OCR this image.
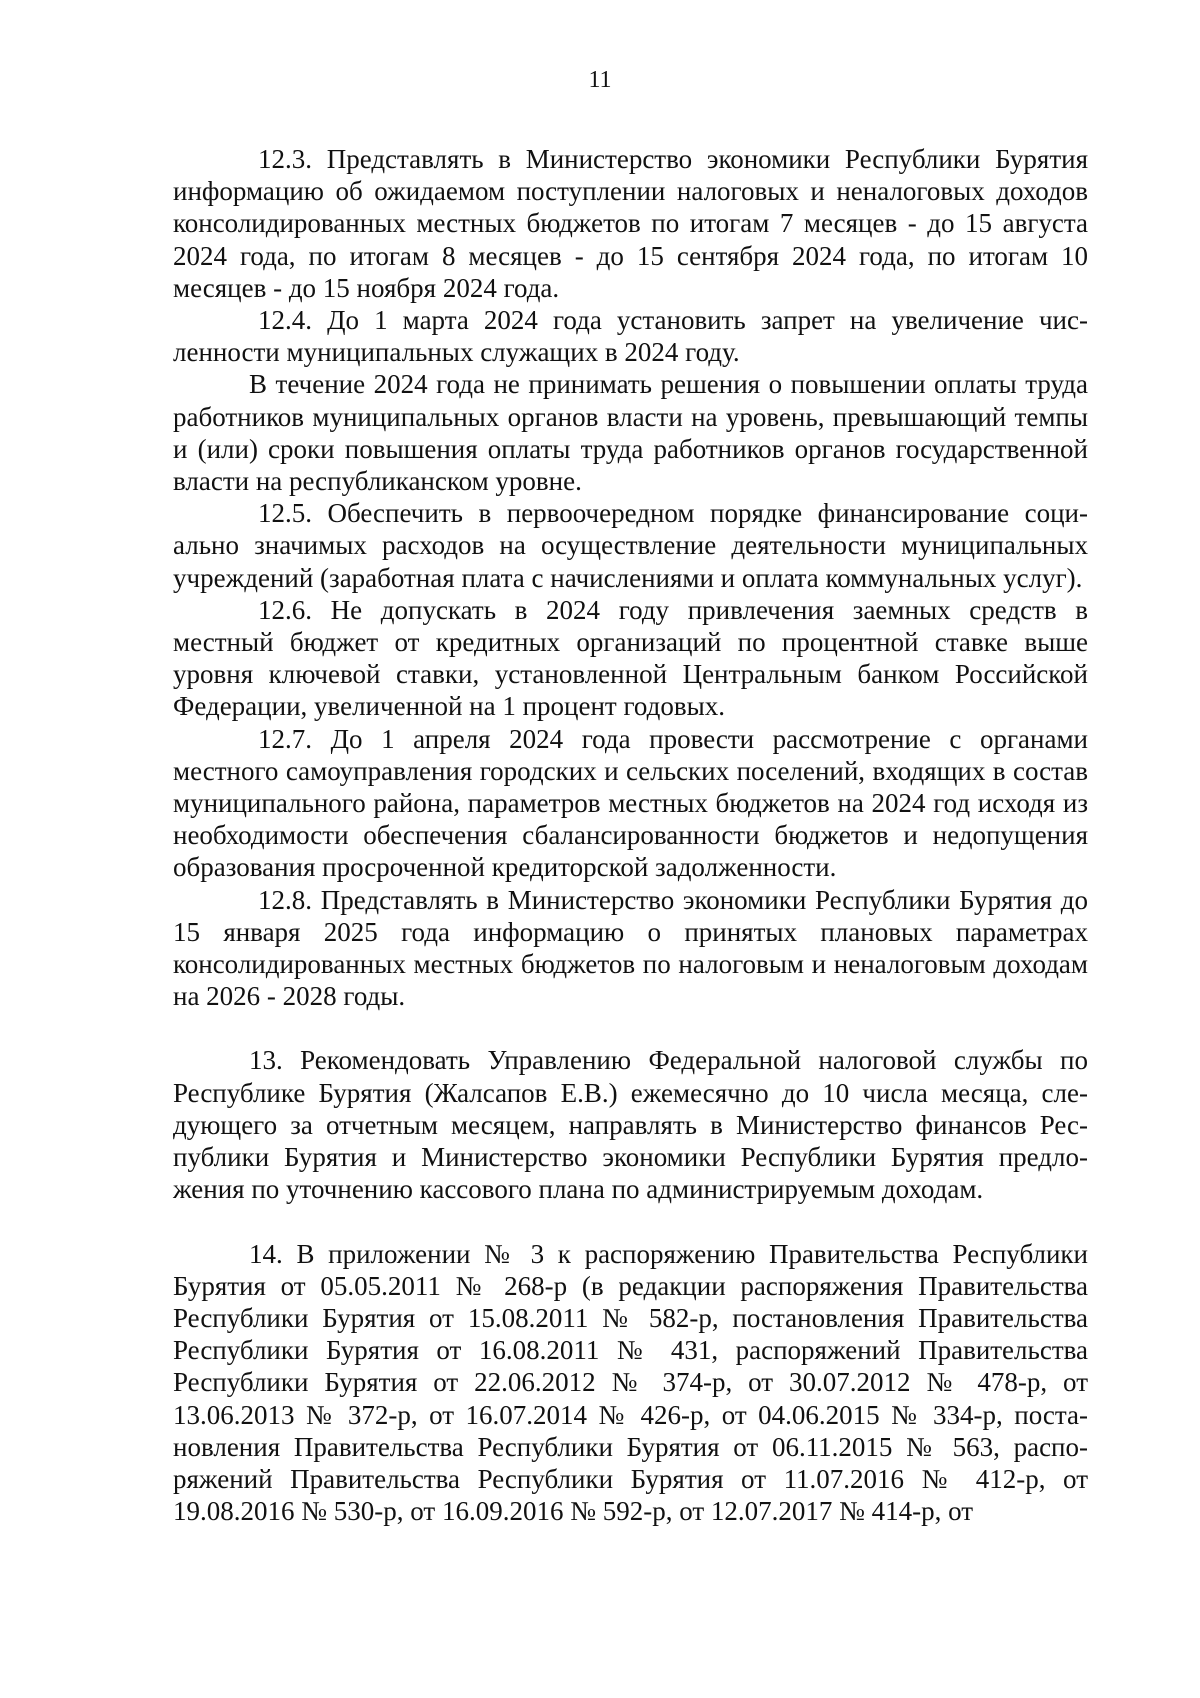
11

12.3. Представлять в Министерство экономики Республики Бурятия информацию об ожидаемом поступлении налоговых и неналоговых доходов консолидированных местных бюджетов по итогам 7 месяцев - до 15 августа 2024 года, по итогам 8 месяцев - до 15 сентября 2024 года, по итогам 10 месяцев - до 15 ноября 2024 года.

12.4. До 1 марта 2024 года установить запрет на увеличение численности муниципальных служащих в 2024 году.

В течение 2024 года не принимать решения о повышении оплаты труда работников муниципальных органов власти на уровень, превышающий темпы и (или) сроки повышения оплаты труда работников органов государственной власти на республиканском уровне.

12.5. Обеспечить в первоочередном порядке финансирование социально значимых расходов на осуществление деятельности муниципальных учреждений (заработная плата с начислениями и оплата коммунальных услуг).

12.6. Не допускать в 2024 году привлечения заемных средств в местный бюджет от кредитных организаций по процентной ставке выше уровня ключевой ставки, установленной Центральным банком Российской Федерации, увеличенной на 1 процент годовых.

12.7. До 1 апреля 2024 года провести рассмотрение с органами местного самоуправления городских и сельских поселений, входящих в состав муниципального района, параметров местных бюджетов на 2024 год исходя из необходимости обеспечения сбалансированности бюджетов и недопущения образования просроченной кредиторской задолженности.

12.8. Представлять в Министерство экономики Республики Бурятия до 15 января 2025 года информацию о принятых плановых параметрах консолидированных местных бюджетов по налоговым и неналоговым доходам на 2026 - 2028 годы.

13. Рекомендовать Управлению Федеральной налоговой службы по Республике Бурятия (Жалсапов Е.В.) ежемесячно до 10 числа месяца, следующего за отчетным месяцем, направлять в Министерство финансов Республики Бурятия и Министерство экономики Республики Бурятия предложения по уточнению кассового плана по администрируемым доходам.

14. В приложении № 3 к распоряжению Правительства Республики Бурятия от 05.05.2011 № 268-р (в редакции распоряжения Правительства Республики Бурятия от 15.08.2011 № 582-р, постановления Правительства Республики Бурятия от 16.08.2011 № 431, распоряжений Правительства Республики Бурятия от 22.06.2012 № 374-р, от 30.07.2012 № 478-р, от 13.06.2013 № 372-р, от 16.07.2014 № 426-р, от 04.06.2015 № 334-р, постановления Правительства Республики Бурятия от 06.11.2015 № 563, распоряжений Правительства Республики Бурятия от 11.07.2016 № 412-р, от 19.08.2016 № 530-р, от 16.09.2016 № 592-р, от 12.07.2017 № 414-р, от
